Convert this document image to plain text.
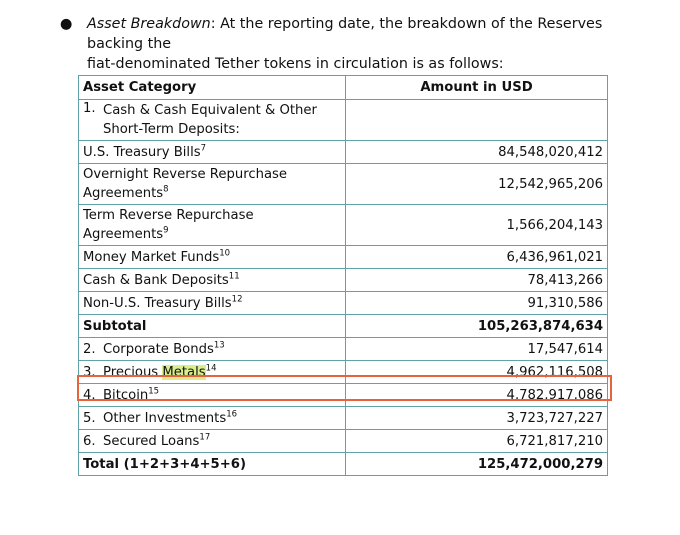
● Asset Breakdown: At the reporting date, the breakdown of the Reserves backing the
fiat-denominated Tether tokens in circulation is as follows:
Asset Category	Amount in USD
1. Cash & Cash Equivalent & Other
Short-Term Deposits:	
U.S. Treasury Bills$^7$	84,548,020,412
Overnight Reverse Repurchase
Agreements$^8$	12,542,965,206
Term Reverse Repurchase
Agreements$^9$	1,566,204,143
Money Market Funds$^{10}$	6,436,961,021
Cash & Bank Deposits$^{11}$	78,413,266
Non-U.S. Treasury Bills$^{12}$	91,310,586
Subtotal	105,263,874,634
2. Corporate Bonds$^{13}$	17,547,614
3. Precious Metals$^{14}$	4,962,116,508
4. Bitcoin$^{15}$	4,782,917,086
5. Other Investments$^{16}$	3,723,727,227
6. Secured Loans$^{17}$	6,721,817,210
Total (1+2+3+4+5+6)	125,472,000,279
